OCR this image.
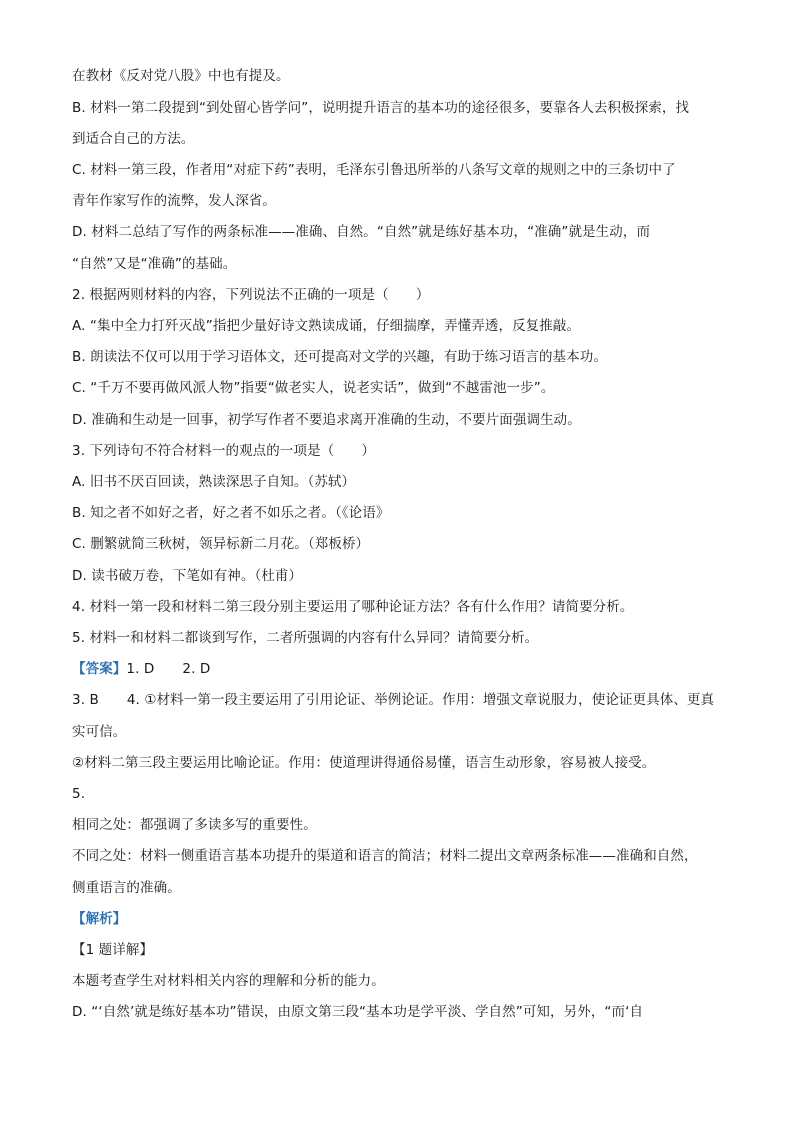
在教材《反对党八股》中也有提及。
B. 材料一第二段提到“到处留心皆学问”，说明提升语言的基本功的途径很多，要靠各人去积极探索，找
到适合自己的方法。
C. 材料一第三段，作者用“对症下药”表明，毛泽东引鲁迅所举的八条写文章的规则之中的三条切中了
青年作家写作的流弊，发人深省。
D. 材料二总结了写作的两条标准——准确、自然。“自然”就是练好基本功，“准确”就是生动，而
“自然”又是“准确”的基础。
2. 根据两则材料的内容，下列说法不正确的一项是（　　）
A. “集中全力打歼灭战”指把少量好诗文熟读成诵，仔细揣摩，弄懂弄透，反复推敲。
B. 朗读法不仅可以用于学习语体文，还可提高对文学的兴趣，有助于练习语言的基本功。
C. “千万不要再做风派人物”指要“做老实人，说老实话”，做到“不越雷池一步”。
D. 准确和生动是一回事，初学写作者不要追求离开准确的生动，不要片面强调生动。
3. 下列诗句不符合材料一的观点的一项是（　　）
A. 旧书不厌百回读，熟读深思子自知。（苏轼）
B. 知之者不如好之者，好之者不如乐之者。（《论语》
C. 删繁就简三秋树，领异标新二月花。（郑板桥）
D. 读书破万卷，下笔如有神。（杜甫）
4. 材料一第一段和材料二第三段分别主要运用了哪种论证方法？各有什么作用？请简要分析。
5. 材料一和材料二都谈到写作，二者所强调的内容有什么异同？请简要分析。
【答案】1. D 2. D
3. B 4. ①材料一第一段主要运用了引用论证、举例论证。作用：增强文章说服力，使论证更具体、更真
实可信。
②材料二第三段主要运用比喻论证。作用：使道理讲得通俗易懂，语言生动形象，容易被人接受。
5.
相同之处：都强调了多读多写的重要性。
不同之处：材料一侧重语言基本功提升的渠道和语言的简洁；材料二提出文章两条标准——准确和自然，
侧重语言的准确。
【解析】
【1 题详解】
本题考查学生对材料相关内容的理解和分析的能力。
D. “‘自然’就是练好基本功”错误，由原文第三段“基本功是学平淡、学自然”可知，另外，“而‘自
